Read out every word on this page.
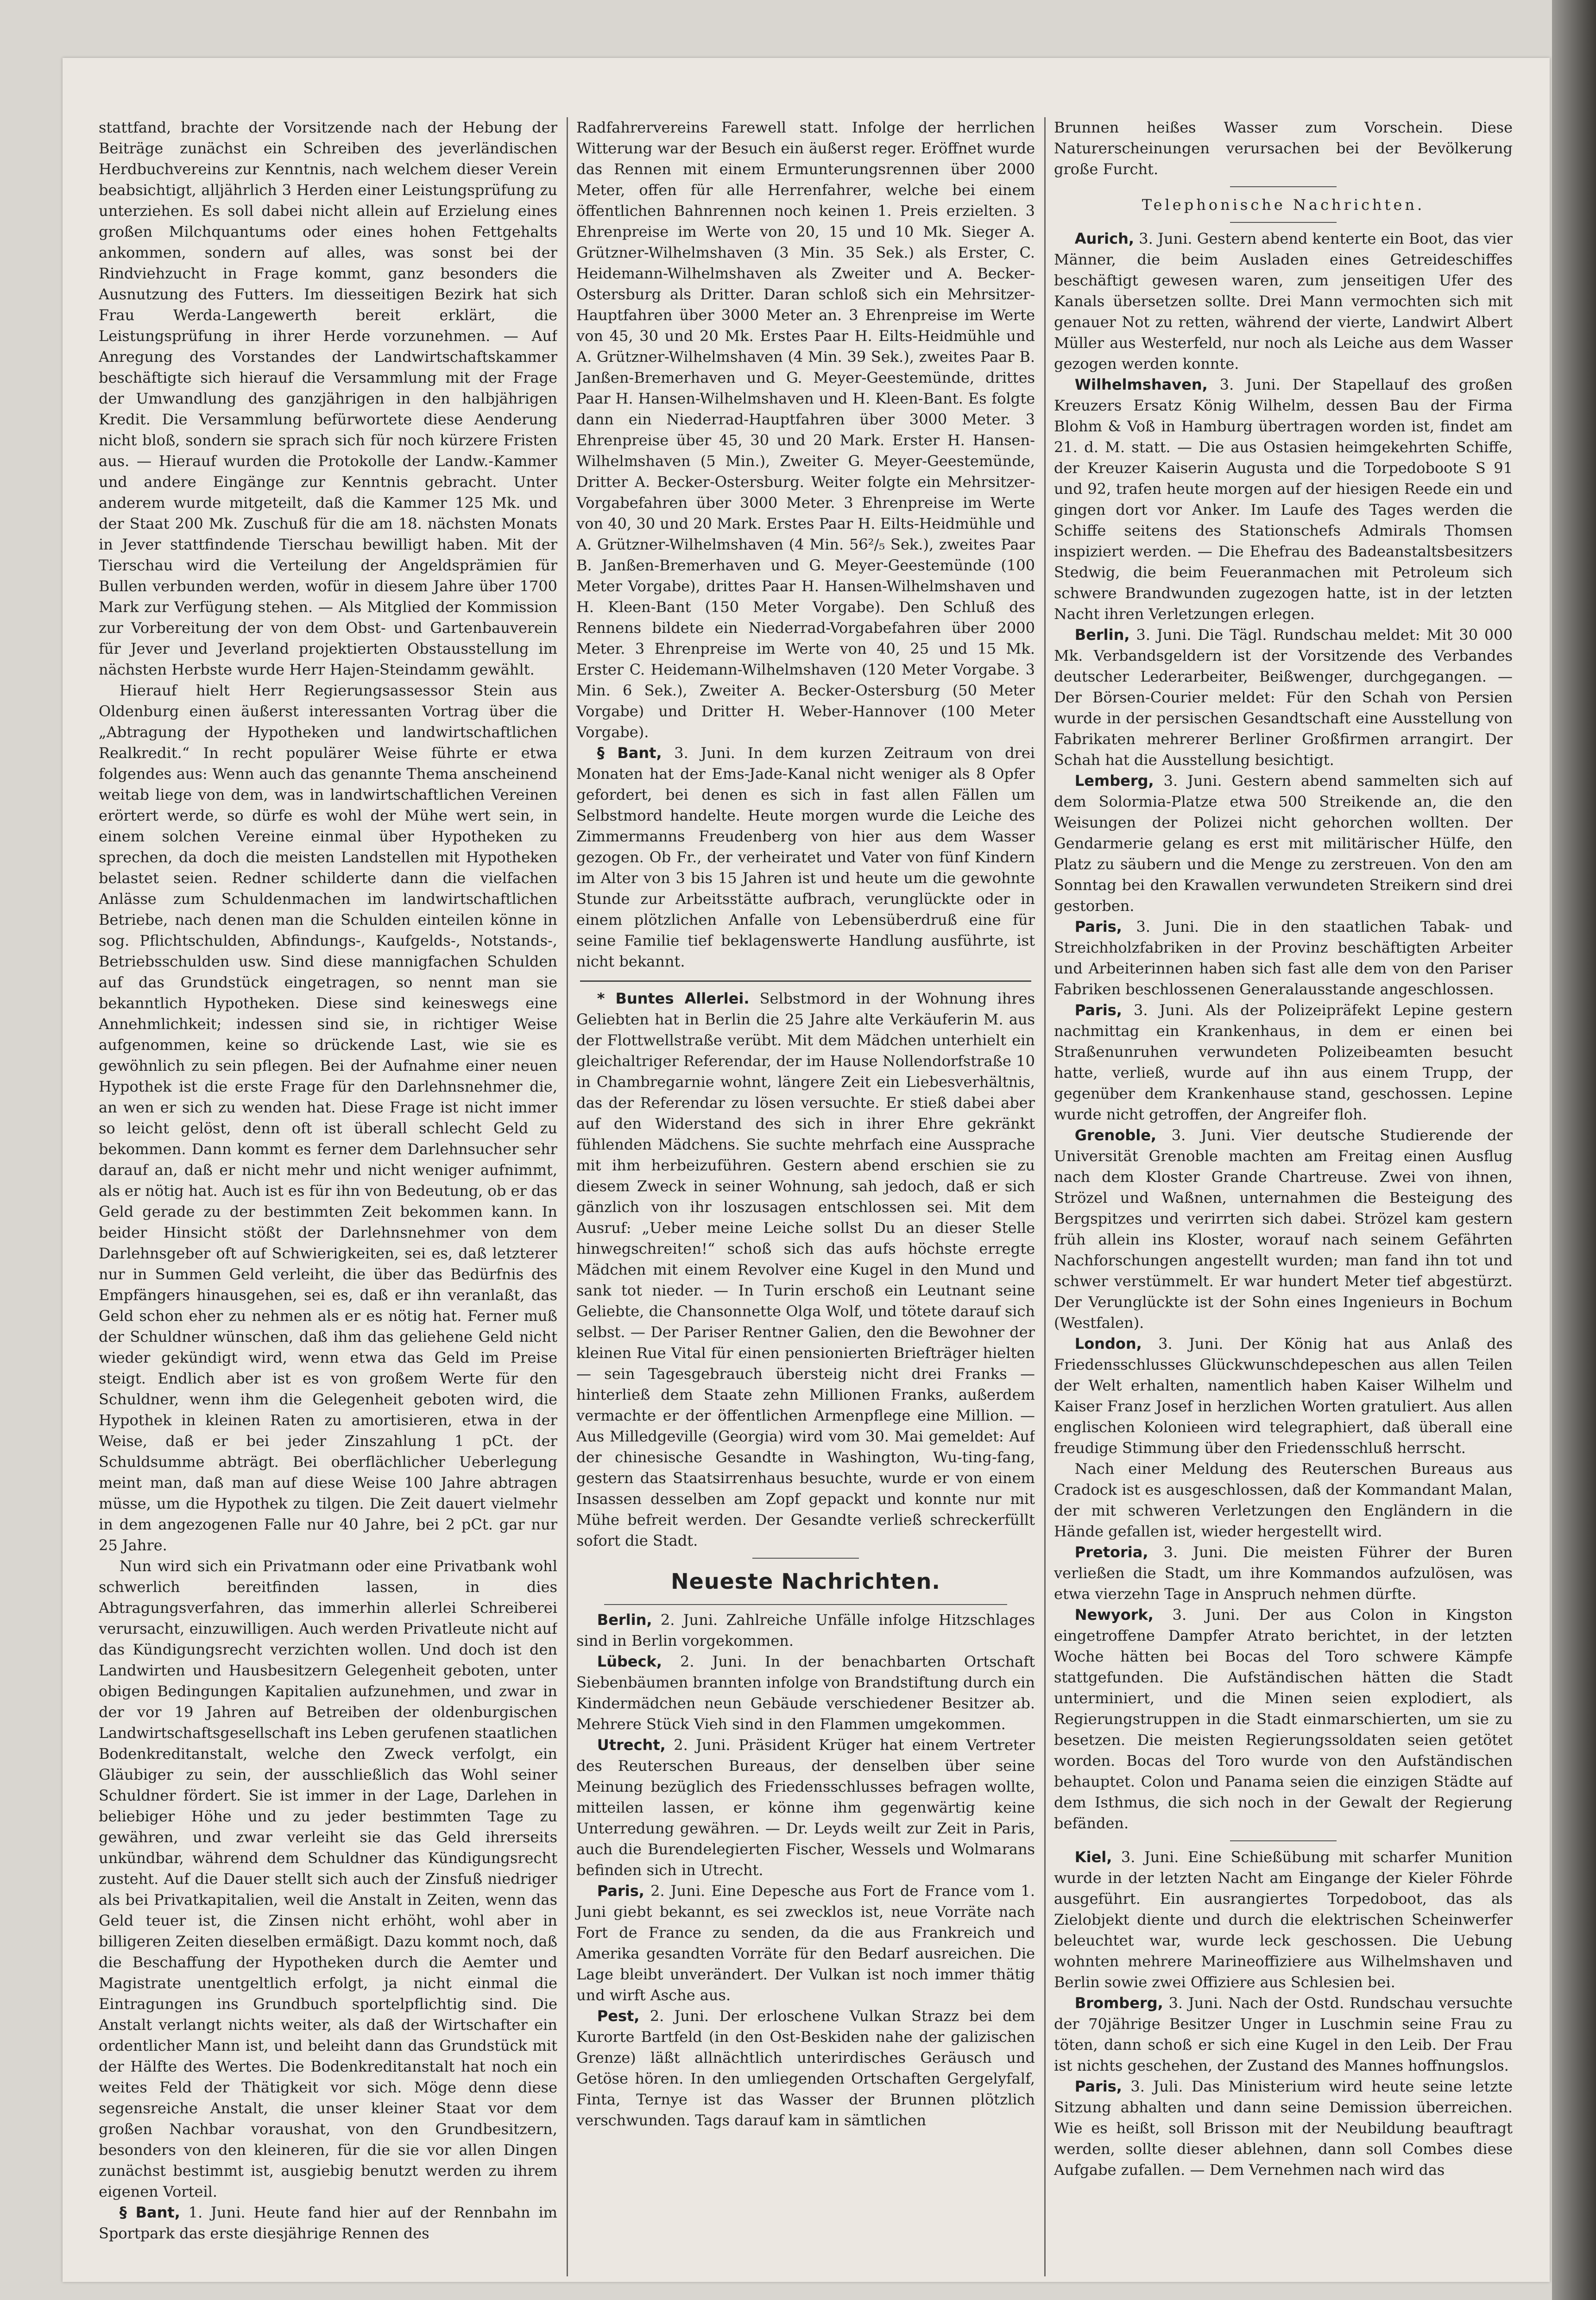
stattfand, brachte der Vorsitzende nach der Hebung der Beiträge zunächst ein Schreiben des jeverländischen Herdbuchvereins zur Kenntnis, nach welchem dieser Verein beabsichtigt, alljährlich 3 Herden einer Leistungsprüfung zu unterziehen. Es soll dabei nicht allein auf Erzielung eines großen Milchquantums oder eines hohen Fettgehalts ankommen, sondern auf alles, was sonst bei der Rindviehzucht in Frage kommt, ganz besonders die Ausnutzung des Futters. Im diesseitigen Bezirk hat sich Frau Werda-Langewerth bereit erklärt, die Leistungsprüfung in ihrer Herde vorzunehmen. — Auf Anregung des Vorstandes der Landwirtschaftskammer beschäftigte sich hierauf die Versammlung mit der Frage der Umwandlung des ganzjährigen in den halbjährigen Kredit. Die Versammlung befürwortete diese Aenderung nicht bloß, sondern sie sprach sich für noch kürzere Fristen aus. — Hierauf wurden die Protokolle der Landw.-Kammer und andere Eingänge zur Kenntnis gebracht. Unter anderem wurde mitgeteilt, daß die Kammer 125 Mk. und der Staat 200 Mk. Zuschuß für die am 18. nächsten Monats in Jever stattfindende Tierschau bewilligt haben. Mit der Tierschau wird die Verteilung der Angeldsprämien für Bullen verbunden werden, wofür in diesem Jahre über 1700 Mark zur Verfügung stehen. — Als Mitglied der Kommission zur Vorbereitung der von dem Obst- und Gartenbauverein für Jever und Jeverland projektierten Obstausstellung im nächsten Herbste wurde Herr Hajen-Steindamm gewählt.

Hierauf hielt Herr Regierungsassessor Stein aus Oldenburg einen äußerst interessanten Vortrag über die „Abtragung der Hypotheken und landwirtschaftlichen Realkredit.“ In recht populärer Weise führte er etwa folgendes aus: Wenn auch das genannte Thema anscheinend weitab liege von dem, was in landwirtschaftlichen Vereinen erörtert werde, so dürfe es wohl der Mühe wert sein, in einem solchen Vereine einmal über Hypotheken zu sprechen, da doch die meisten Landstellen mit Hypotheken belastet seien. Redner schilderte dann die vielfachen Anlässe zum Schuldenmachen im landwirtschaftlichen Betriebe, nach denen man die Schulden einteilen könne in sog. Pflichtschulden, Abfindungs-, Kaufgelds-, Notstands-, Betriebsschulden usw. Sind diese mannigfachen Schulden auf das Grundstück eingetragen, so nennt man sie bekanntlich Hypotheken. Diese sind keineswegs eine Annehmlichkeit; indessen sind sie, in richtiger Weise aufgenommen, keine so drückende Last, wie sie es gewöhnlich zu sein pflegen. Bei der Aufnahme einer neuen Hypothek ist die erste Frage für den Darlehnsnehmer die, an wen er sich zu wenden hat. Diese Frage ist nicht immer so leicht gelöst, denn oft ist überall schlecht Geld zu bekommen. Dann kommt es ferner dem Darlehnsucher sehr darauf an, daß er nicht mehr und nicht weniger aufnimmt, als er nötig hat. Auch ist es für ihn von Bedeutung, ob er das Geld gerade zu der bestimmten Zeit bekommen kann. In beider Hinsicht stößt der Darlehnsnehmer von dem Darlehnsgeber oft auf Schwierigkeiten, sei es, daß letzterer nur in Summen Geld verleiht, die über das Bedürfnis des Empfängers hinausgehen, sei es, daß er ihn veranlaßt, das Geld schon eher zu nehmen als er es nötig hat. Ferner muß der Schuldner wünschen, daß ihm das geliehene Geld nicht wieder gekündigt wird, wenn etwa das Geld im Preise steigt. Endlich aber ist es von großem Werte für den Schuldner, wenn ihm die Gelegenheit geboten wird, die Hypothek in kleinen Raten zu amortisieren, etwa in der Weise, daß er bei jeder Zinszahlung 1 pCt. der Schuldsumme abträgt. Bei oberflächlicher Ueberlegung meint man, daß man auf diese Weise 100 Jahre abtragen müsse, um die Hypothek zu tilgen. Die Zeit dauert vielmehr in dem angezogenen Falle nur 40 Jahre, bei 2 pCt. gar nur 25 Jahre.

Nun wird sich ein Privatmann oder eine Privatbank wohl schwerlich bereitfinden lassen, in dies Abtragungsverfahren, das immerhin allerlei Schreiberei verursacht, einzuwilligen. Auch werden Privatleute nicht auf das Kündigungsrecht verzichten wollen. Und doch ist den Landwirten und Hausbesitzern Gelegenheit geboten, unter obigen Bedingungen Kapitalien aufzunehmen, und zwar in der vor 19 Jahren auf Betreiben der oldenburgischen Landwirtschaftsgesellschaft ins Leben gerufenen staatlichen Bodenkreditanstalt, welche den Zweck verfolgt, ein Gläubiger zu sein, der ausschließlich das Wohl seiner Schuldner fördert. Sie ist immer in der Lage, Darlehen in beliebiger Höhe und zu jeder bestimmten Tage zu gewähren, und zwar verleiht sie das Geld ihrerseits unkündbar, während dem Schuldner das Kündigungsrecht zusteht. Auf die Dauer stellt sich auch der Zinsfuß niedriger als bei Privatkapitalien, weil die Anstalt in Zeiten, wenn das Geld teuer ist, die Zinsen nicht erhöht, wohl aber in billigeren Zeiten dieselben ermäßigt. Dazu kommt noch, daß die Beschaffung der Hypotheken durch die Aemter und Magistrate unentgeltlich erfolgt, ja nicht einmal die Eintragungen ins Grundbuch sportelpflichtig sind. Die Anstalt verlangt nichts weiter, als daß der Wirtschafter ein ordentlicher Mann ist, und beleiht dann das Grundstück mit der Hälfte des Wertes. Die Bodenkreditanstalt hat noch ein weites Feld der Thätigkeit vor sich. Möge denn diese segensreiche Anstalt, die unser kleiner Staat vor dem großen Nachbar voraushat, von den Grundbesitzern, besonders von den kleineren, für die sie vor allen Dingen zunächst bestimmt ist, ausgiebig benutzt werden zu ihrem eigenen Vorteil.

§ Bant, 1. Juni. Heute fand hier auf der Rennbahn im Sportpark das erste diesjährige Rennen des

Radfahrervereins Farewell statt. Infolge der herrlichen Witterung war der Besuch ein äußerst reger. Eröffnet wurde das Rennen mit einem Ermunterungsrennen über 2000 Meter, offen für alle Herrenfahrer, welche bei einem öffentlichen Bahnrennen noch keinen 1. Preis erzielten. 3 Ehrenpreise im Werte von 20, 15 und 10 Mk. Sieger A. Grützner-Wilhelmshaven (3 Min. 35 Sek.) als Erster, C. Heidemann-Wilhelmshaven als Zweiter und A. Becker-Ostersburg als Dritter. Daran schloß sich ein Mehrsitzer-Hauptfahren über 3000 Meter an. 3 Ehrenpreise im Werte von 45, 30 und 20 Mk. Erstes Paar H. Eilts-Heidmühle und A. Grützner-Wilhelmshaven (4 Min. 39 Sek.), zweites Paar B. Janßen-Bremerhaven und G. Meyer-Geestemünde, drittes Paar H. Hansen-Wilhelmshaven und H. Kleen-Bant. Es folgte dann ein Niederrad-Hauptfahren über 3000 Meter. 3 Ehrenpreise über 45, 30 und 20 Mark. Erster H. Hansen-Wilhelmshaven (5 Min.), Zweiter G. Meyer-Geestemünde, Dritter A. Becker-Ostersburg. Weiter folgte ein Mehrsitzer-Vorgabefahren über 3000 Meter. 3 Ehrenpreise im Werte von 40, 30 und 20 Mark. Erstes Paar H. Eilts-Heidmühle und A. Grützner-Wilhelmshaven (4 Min. 56²/₅ Sek.), zweites Paar B. Janßen-Bremerhaven und G. Meyer-Geestemünde (100 Meter Vorgabe), drittes Paar H. Hansen-Wilhelmshaven und H. Kleen-Bant (150 Meter Vorgabe). Den Schluß des Rennens bildete ein Niederrad-Vorgabefahren über 2000 Meter. 3 Ehrenpreise im Werte von 40, 25 und 15 Mk. Erster C. Heidemann-Wilhelmshaven (120 Meter Vorgabe. 3 Min. 6 Sek.), Zweiter A. Becker-Ostersburg (50 Meter Vorgabe) und Dritter H. Weber-Hannover (100 Meter Vorgabe).

§ Bant, 3. Juni. In dem kurzen Zeitraum von drei Monaten hat der Ems-Jade-Kanal nicht weniger als 8 Opfer gefordert, bei denen es sich in fast allen Fällen um Selbstmord handelte. Heute morgen wurde die Leiche des Zimmermanns Freudenberg von hier aus dem Wasser gezogen. Ob Fr., der verheiratet und Vater von fünf Kindern im Alter von 3 bis 15 Jahren ist und heute um die gewohnte Stunde zur Arbeitsstätte aufbrach, verunglückte oder in einem plötzlichen Anfalle von Lebensüberdruß eine für seine Familie tief beklagenswerte Handlung ausführte, ist nicht bekannt.

* Buntes Allerlei. Selbstmord in der Wohnung ihres Geliebten hat in Berlin die 25 Jahre alte Verkäuferin M. aus der Flottwellstraße verübt. Mit dem Mädchen unterhielt ein gleichaltriger Referendar, der im Hause Nollendorfstraße 10 in Chambregarnie wohnt, längere Zeit ein Liebesverhältnis, das der Referendar zu lösen versuchte. Er stieß dabei aber auf den Widerstand des sich in ihrer Ehre gekränkt fühlenden Mädchens. Sie suchte mehrfach eine Aussprache mit ihm herbeizuführen. Gestern abend erschien sie zu diesem Zweck in seiner Wohnung, sah jedoch, daß er sich gänzlich von ihr loszusagen entschlossen sei. Mit dem Ausruf: „Ueber meine Leiche sollst Du an dieser Stelle hinwegschreiten!“ schoß sich das aufs höchste erregte Mädchen mit einem Revolver eine Kugel in den Mund und sank tot nieder. — In Turin erschoß ein Leutnant seine Geliebte, die Chansonnette Olga Wolf, und tötete darauf sich selbst. — Der Pariser Rentner Galien, den die Bewohner der kleinen Rue Vital für einen pensionierten Briefträger hielten — sein Tagesgebrauch übersteig nicht drei Franks — hinterließ dem Staate zehn Millionen Franks, außerdem vermachte er der öffentlichen Armenpflege eine Million. — Aus Milledgeville (Georgia) wird vom 30. Mai gemeldet: Auf der chinesische Gesandte in Washington, Wu-ting-fang, gestern das Staatsirrenhaus besuchte, wurde er von einem Insassen desselben am Zopf gepackt und konnte nur mit Mühe befreit werden. Der Gesandte verließ schreckerfüllt sofort die Stadt.

Neueste Nachrichten.

Berlin, 2. Juni. Zahlreiche Unfälle infolge Hitzschlages sind in Berlin vorgekommen.

Lübeck, 2. Juni. In der benachbarten Ortschaft Siebenbäumen brannten infolge von Brandstiftung durch ein Kindermädchen neun Gebäude verschiedener Besitzer ab. Mehrere Stück Vieh sind in den Flammen umgekommen.

Utrecht, 2. Juni. Präsident Krüger hat einem Vertreter des Reuterschen Bureaus, der denselben über seine Meinung bezüglich des Friedensschlusses befragen wollte, mitteilen lassen, er könne ihm gegenwärtig keine Unterredung gewähren. — Dr. Leyds weilt zur Zeit in Paris, auch die Burendelegierten Fischer, Wessels und Wolmarans befinden sich in Utrecht.

Paris, 2. Juni. Eine Depesche aus Fort de France vom 1. Juni giebt bekannt, es sei zwecklos ist, neue Vorräte nach Fort de France zu senden, da die aus Frankreich und Amerika gesandten Vorräte für den Bedarf ausreichen. Die Lage bleibt unverändert. Der Vulkan ist noch immer thätig und wirft Asche aus.

Pest, 2. Juni. Der erloschene Vulkan Strazz bei dem Kurorte Bartfeld (in den Ost-Beskiden nahe der galizischen Grenze) läßt allnächtlich unterirdisches Geräusch und Getöse hören. In den umliegenden Ortschaften Gergelyfalf, Finta, Ternye ist das Wasser der Brunnen plötzlich verschwunden. Tags darauf kam in sämtlichen

Brunnen heißes Wasser zum Vorschein. Diese Naturerscheinungen verursachen bei der Bevölkerung große Furcht.

Telephonische Nachrichten.

Aurich, 3. Juni. Gestern abend kenterte ein Boot, das vier Männer, die beim Ausladen eines Getreideschiffes beschäftigt gewesen waren, zum jenseitigen Ufer des Kanals übersetzen sollte. Drei Mann vermochten sich mit genauer Not zu retten, während der vierte, Landwirt Albert Müller aus Westerfeld, nur noch als Leiche aus dem Wasser gezogen werden konnte.

Wilhelmshaven, 3. Juni. Der Stapellauf des großen Kreuzers Ersatz König Wilhelm, dessen Bau der Firma Blohm & Voß in Hamburg übertragen worden ist, findet am 21. d. M. statt. — Die aus Ostasien heimgekehrten Schiffe, der Kreuzer Kaiserin Augusta und die Torpedoboote S 91 und 92, trafen heute morgen auf der hiesigen Reede ein und gingen dort vor Anker. Im Laufe des Tages werden die Schiffe seitens des Stationschefs Admirals Thomsen inspiziert werden. — Die Ehefrau des Badeanstaltsbesitzers Stedwig, die beim Feueranmachen mit Petroleum sich schwere Brandwunden zugezogen hatte, ist in der letzten Nacht ihren Verletzungen erlegen.

Berlin, 3. Juni. Die Tägl. Rundschau meldet: Mit 30 000 Mk. Verbandsgeldern ist der Vorsitzende des Verbandes deutscher Lederarbeiter, Beißwenger, durchgegangen. — Der Börsen-Courier meldet: Für den Schah von Persien wurde in der persischen Gesandtschaft eine Ausstellung von Fabrikaten mehrerer Berliner Großfirmen arrangirt. Der Schah hat die Ausstellung besichtigt.

Lemberg, 3. Juni. Gestern abend sammelten sich auf dem Solormia-Platze etwa 500 Streikende an, die den Weisungen der Polizei nicht gehorchen wollten. Der Gendarmerie gelang es erst mit militärischer Hülfe, den Platz zu säubern und die Menge zu zerstreuen. Von den am Sonntag bei den Krawallen verwundeten Streikern sind drei gestorben.

Paris, 3. Juni. Die in den staatlichen Tabak- und Streichholzfabriken in der Provinz beschäftigten Arbeiter und Arbeiterinnen haben sich fast alle dem von den Pariser Fabriken beschlossenen Generalausstande angeschlossen.

Paris, 3. Juni. Als der Polizeipräfekt Lepine gestern nachmittag ein Krankenhaus, in dem er einen bei Straßenunruhen verwundeten Polizeibeamten besucht hatte, verließ, wurde auf ihn aus einem Trupp, der gegenüber dem Krankenhause stand, geschossen. Lepine wurde nicht getroffen, der Angreifer floh.

Grenoble, 3. Juni. Vier deutsche Studierende der Universität Grenoble machten am Freitag einen Ausflug nach dem Kloster Grande Chartreuse. Zwei von ihnen, Strözel und Waßnen, unternahmen die Besteigung des Bergspitzes und verirrten sich dabei. Strözel kam gestern früh allein ins Kloster, worauf nach seinem Gefährten Nachforschungen angestellt wurden; man fand ihn tot und schwer verstümmelt. Er war hundert Meter tief abgestürzt. Der Verunglückte ist der Sohn eines Ingenieurs in Bochum (Westfalen).

London, 3. Juni. Der König hat aus Anlaß des Friedensschlusses Glückwunschdepeschen aus allen Teilen der Welt erhalten, namentlich haben Kaiser Wilhelm und Kaiser Franz Josef in herzlichen Worten gratuliert. Aus allen englischen Kolonieen wird telegraphiert, daß überall eine freudige Stimmung über den Friedensschluß herrscht.

Nach einer Meldung des Reuterschen Bureaus aus Cradock ist es ausgeschlossen, daß der Kommandant Malan, der mit schweren Verletzungen den Engländern in die Hände gefallen ist, wieder hergestellt wird.

Pretoria, 3. Juni. Die meisten Führer der Buren verließen die Stadt, um ihre Kommandos aufzulösen, was etwa vierzehn Tage in Anspruch nehmen dürfte.

Newyork, 3. Juni. Der aus Colon in Kingston eingetroffene Dampfer Atrato berichtet, in der letzten Woche hätten bei Bocas del Toro schwere Kämpfe stattgefunden. Die Aufständischen hätten die Stadt unterminiert, und die Minen seien explodiert, als Regierungstruppen in die Stadt einmarschierten, um sie zu besetzen. Die meisten Regierungssoldaten seien getötet worden. Bocas del Toro wurde von den Aufständischen behauptet. Colon und Panama seien die einzigen Städte auf dem Isthmus, die sich noch in der Gewalt der Regierung befänden.

Kiel, 3. Juni. Eine Schießübung mit scharfer Munition wurde in der letzten Nacht am Eingange der Kieler Föhrde ausgeführt. Ein ausrangiertes Torpedoboot, das als Zielobjekt diente und durch die elektrischen Scheinwerfer beleuchtet war, wurde leck geschossen. Die Uebung wohnten mehrere Marineoffiziere aus Wilhelmshaven und Berlin sowie zwei Offiziere aus Schlesien bei.

Bromberg, 3. Juni. Nach der Ostd. Rundschau versuchte der 70jährige Besitzer Unger in Luschmin seine Frau zu töten, dann schoß er sich eine Kugel in den Leib. Der Frau ist nichts geschehen, der Zustand des Mannes hoffnungslos.

Paris, 3. Juli. Das Ministerium wird heute seine letzte Sitzung abhalten und dann seine Demission überreichen. Wie es heißt, soll Brisson mit der Neubildung beauftragt werden, sollte dieser ablehnen, dann soll Combes diese Aufgabe zufallen. — Dem Vernehmen nach wird das
